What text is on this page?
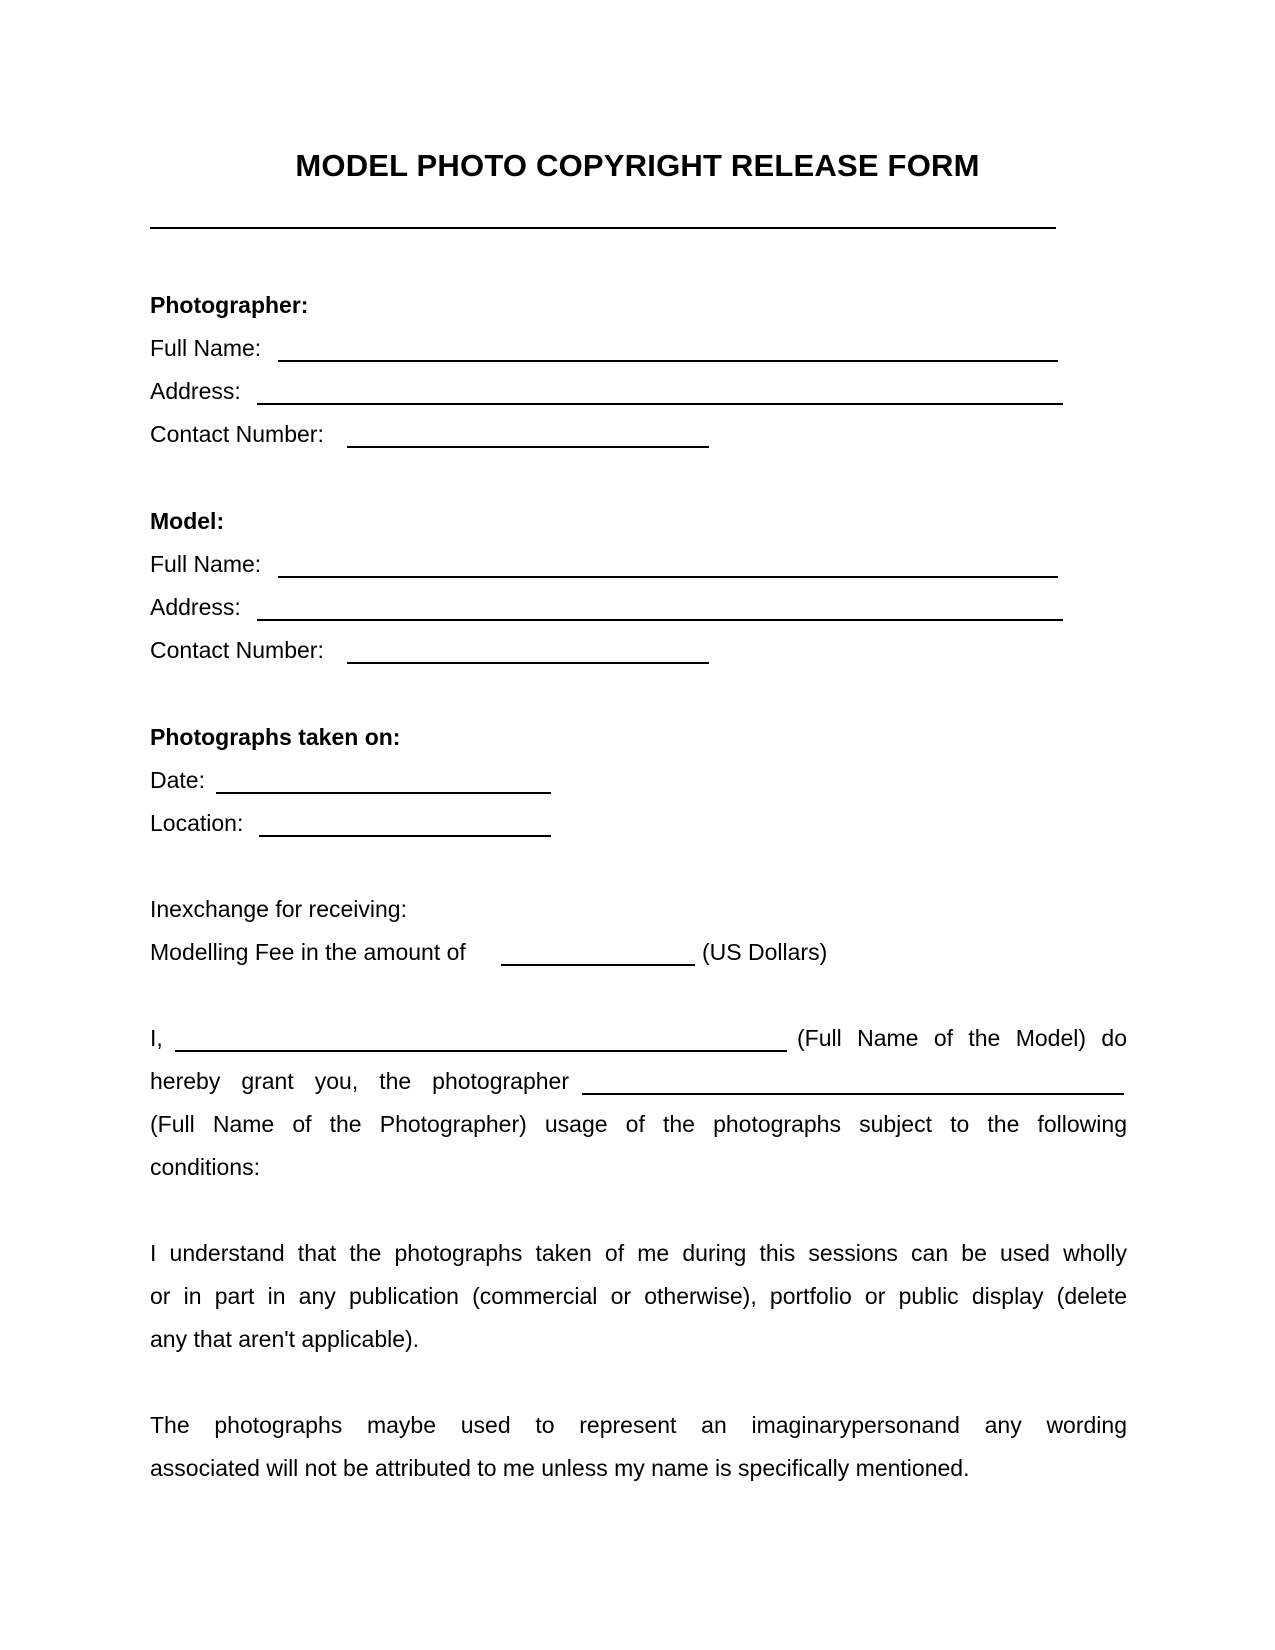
MODEL PHOTO COPYRIGHT RELEASE FORM
Photographer:
Full Name:
Address:
Contact Number:
Model:
Full Name:
Address:
Contact Number:
Photographs taken on:
Date:
Location:
Inexchange for receiving:
Modelling Fee in the amount of	(US Dollars)
I,	(Full Name of the Model) do
hereby grant you, the photographer
(Full Name of the Photographer) usage of the photographs subject to the following
conditions:
I understand that the photographs taken of me during this sessions can be used wholly
or in part in any publication (commercial or otherwise), portfolio or public display (delete
any that aren't applicable).
The photographs maybe used to represent an imaginarypersonand any wording
associated will not be attributed to me unless my name is specifically mentioned.
